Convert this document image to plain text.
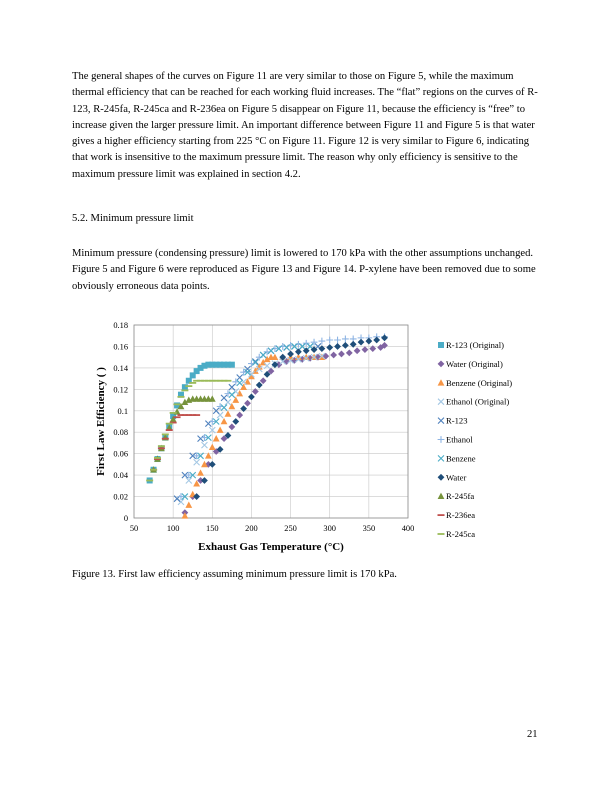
The general shapes of the curves on Figure 11 are very similar to those on Figure 5, while the maximum thermal efficiency that can be reached for each working fluid increases. The “flat” regions on the curves of R-123, R-245fa, R-245ca and R-236ea on Figure 5 disappear on Figure 11, because the efficiency is “free” to increase given the larger pressure limit. An important difference between Figure 11 and Figure 5 is that water gives a higher efficiency starting from 225 °C on Figure 11. Figure 12 is very similar to Figure 6, indicating that work is insensitive to the maximum pressure limit. The reason why only efficiency is sensitive to the maximum pressure limit was explained in section 4.2.

5.2. Minimum pressure limit

Minimum pressure (condensing pressure) limit is lowered to 170 kPa with the other assumptions unchanged. Figure 5 and Figure 6 were reproduced as Figure 13 and Figure 14. P-xylene have been removed due to some obviously erroneous data points.

50	100	150	200	250	300	350	400
0
0.02
0.04
0.06
0.08
0.1
0.12
0.14
0.16
0.18
R-123 (Original)
Water (Original)
Benzene (Original)
Ethanol (Original)
R-123
Ethanol
Benzene
Water
R-245fa
R-236ea
R-245ca
Exhaust Gas Temperature (°C)
First Law Efficiency ( )

Figure 13. First law efficiency assuming minimum pressure limit is 170 kPa.

21
